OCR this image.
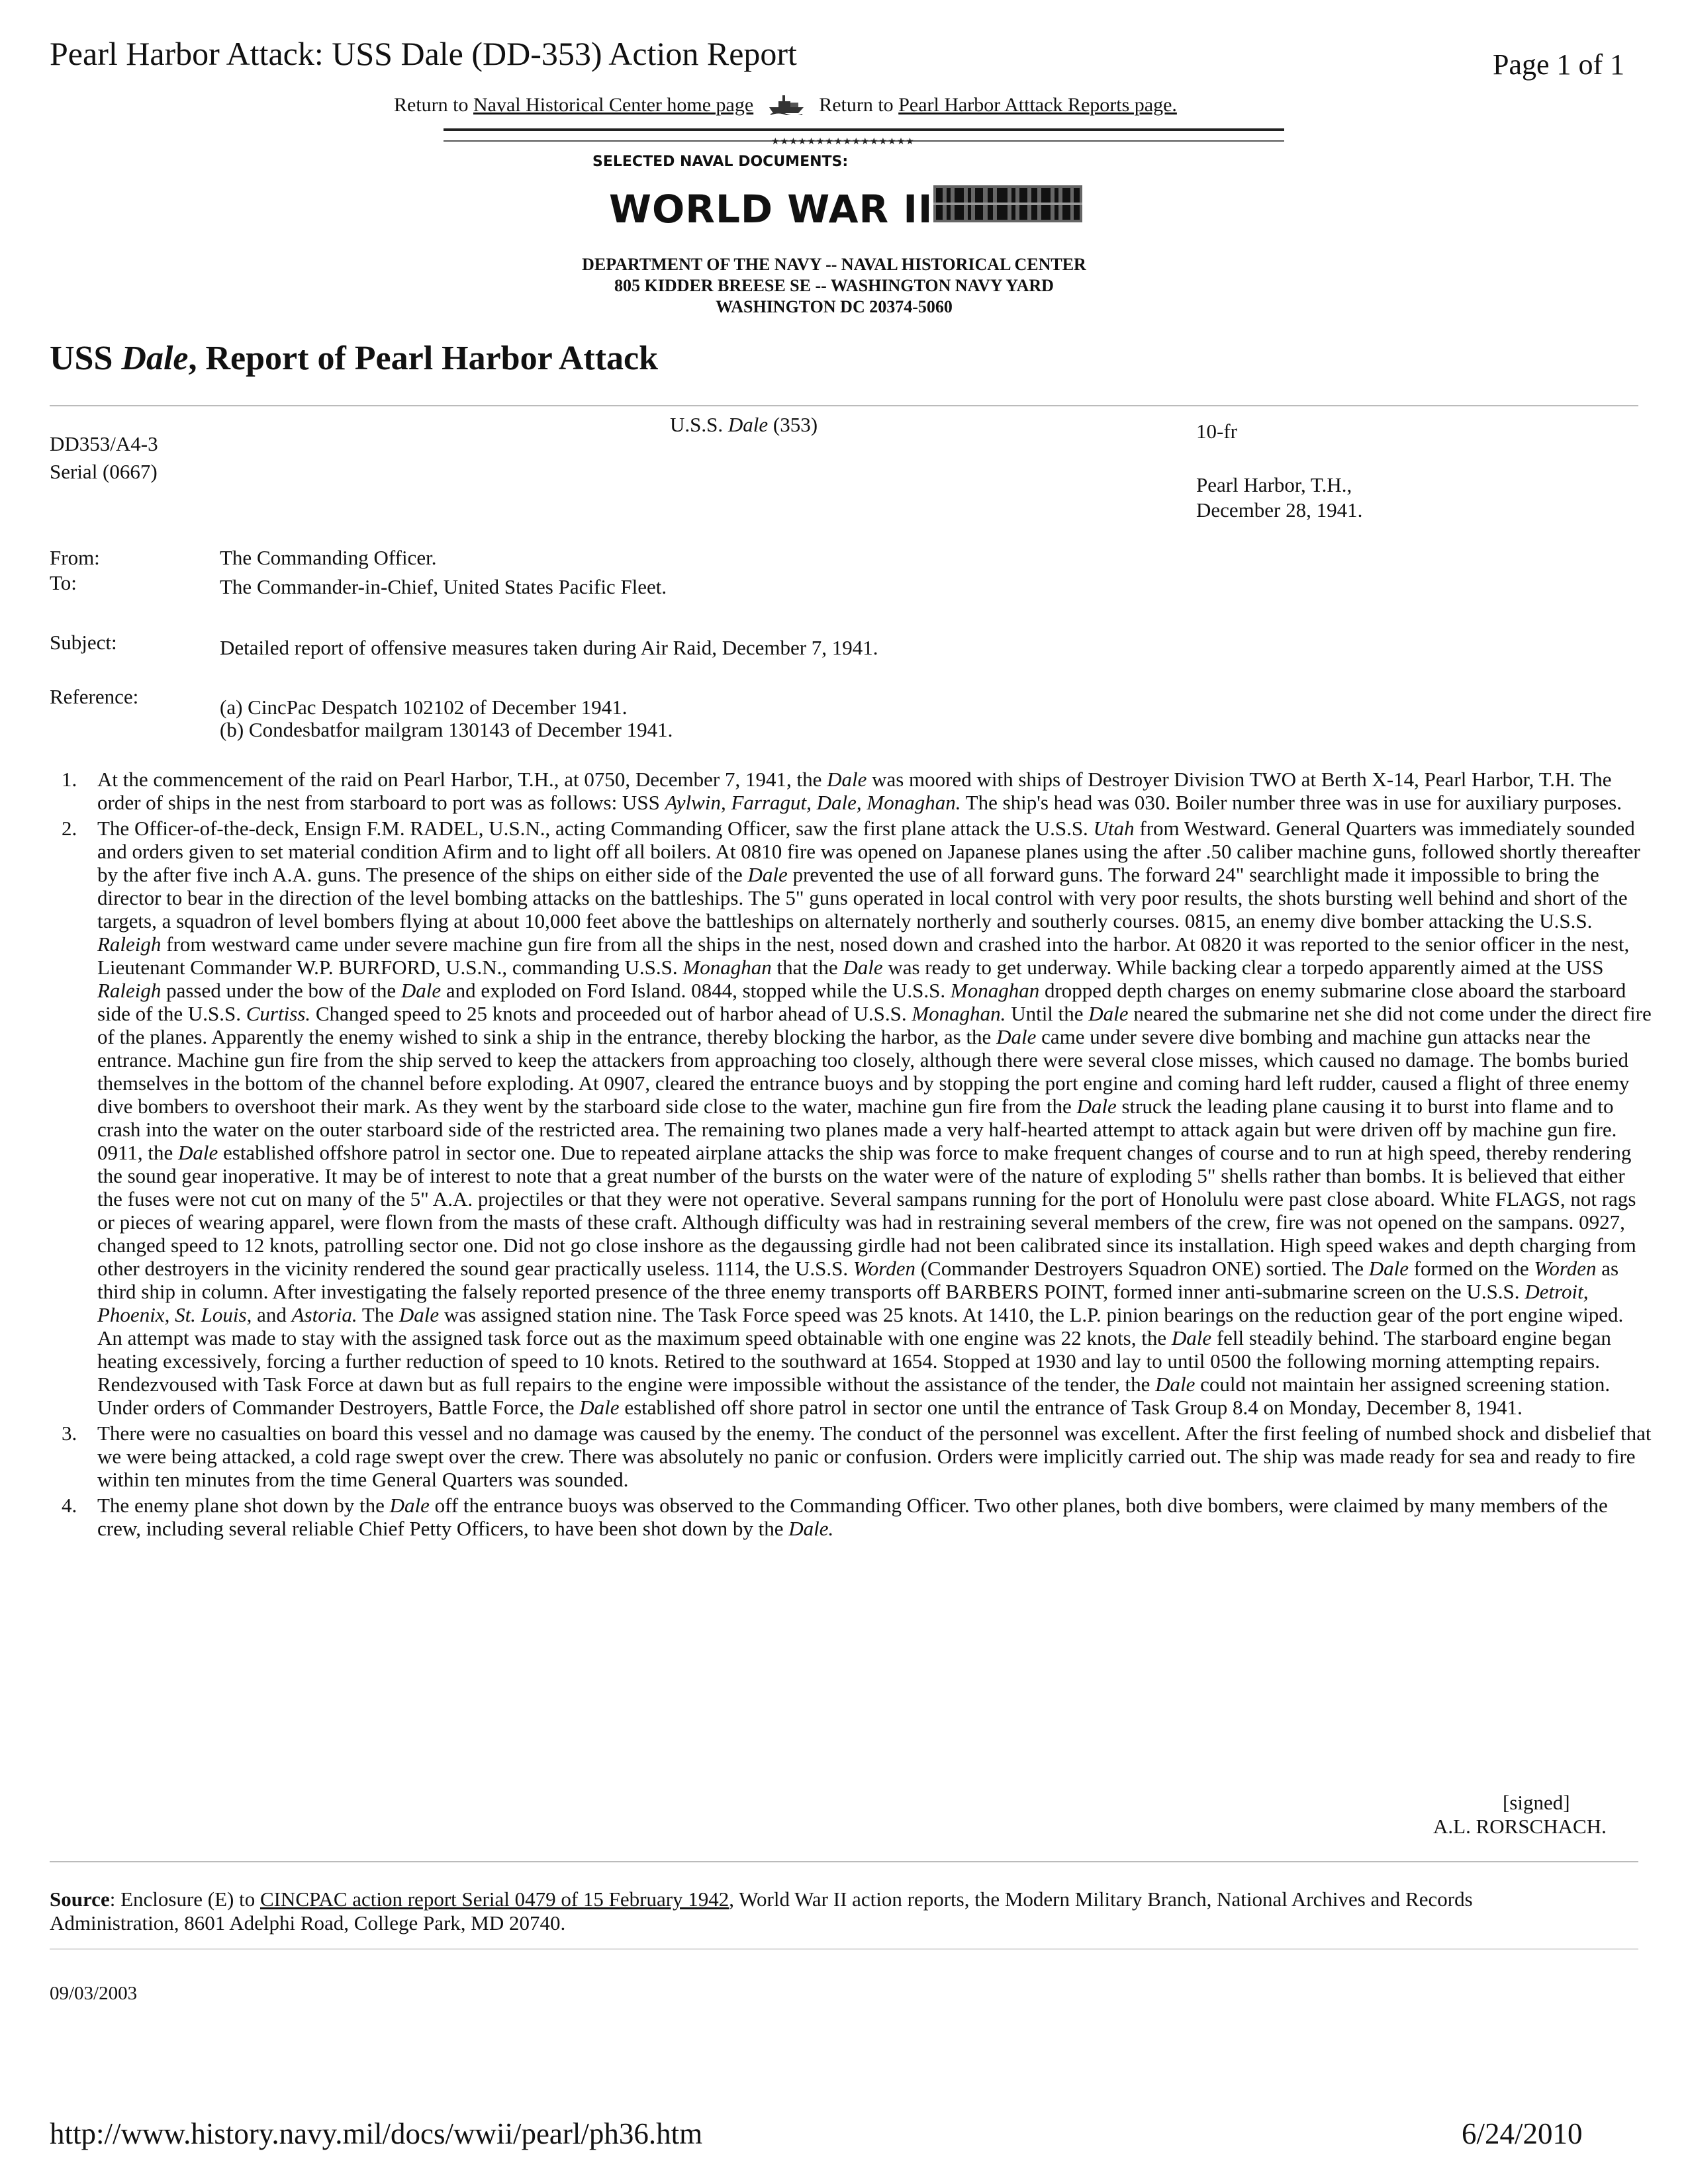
Pearl Harbor Attack: USS Dale (DD-353) Action Report	Page 1 of 1
Return to Naval Historical Center home page	Return to Pearl Harbor Atttack Reports page.
★★★★★★★★★★★★★★★★
SELECTED NAVAL DOCUMENTS:
WORLD WAR II
DEPARTMENT OF THE NAVY -- NAVAL HISTORICAL CENTER
805 KIDDER BREESE SE -- WASHINGTON NAVY YARD
WASHINGTON DC 20374-5060
USS Dale, Report of Pearl Harbor Attack
U.S.S. Dale (353)	10-fr
DD353/A4-3
Serial (0667)
Pearl Harbor, T.H.,
December 28, 1941.
From:	The Commanding Officer.
To:	The Commander-in-Chief, United States Pacific Fleet.
Subject:	Detailed report of offensive measures taken during Air Raid, December 7, 1941.
Reference:	(a) CincPac Despatch 102102 of December 1941.
(b) Condesbatfor mailgram 130143 of December 1941.
1. At the commencement of the raid on Pearl Harbor, T.H., at 0750, December 7, 1941, the Dale was moored with ships of Destroyer Division TWO at Berth X-14, Pearl Harbor, T.H. The order of ships in the nest from starboard to port was as follows: USS Aylwin, Farragut, Dale, Monaghan. The ship's head was 030. Boiler number three was in use for auxiliary purposes.
2. The Officer-of-the-deck, Ensign F.M. RADEL, U.S.N., acting Commanding Officer, saw the first plane attack the U.S.S. Utah from Westward. General Quarters was immediately sounded and orders given to set material condition Afirm and to light off all boilers. At 0810 fire was opened on Japanese planes using the after .50 caliber machine guns, followed shortly thereafter by the after five inch A.A. guns. The presence of the ships on either side of the Dale prevented the use of all forward guns. The forward 24" searchlight made it impossible to bring the director to bear in the direction of the level bombing attacks on the battleships. The 5" guns operated in local control with very poor results, the shots bursting well behind and short of the targets, a squadron of level bombers flying at about 10,000 feet above the battleships on alternately northerly and southerly courses. 0815, an enemy dive bomber attacking the U.S.S. Raleigh from westward came under severe machine gun fire from all the ships in the nest, nosed down and crashed into the harbor. At 0820 it was reported to the senior officer in the nest, Lieutenant Commander W.P. BURFORD, U.S.N., commanding U.S.S. Monaghan that the Dale was ready to get underway. While backing clear a torpedo apparently aimed at the USS Raleigh passed under the bow of the Dale and exploded on Ford Island. 0844, stopped while the U.S.S. Monaghan dropped depth charges on enemy submarine close aboard the starboard side of the U.S.S. Curtiss. Changed speed to 25 knots and proceeded out of harbor ahead of U.S.S. Monaghan. Until the Dale neared the submarine net she did not come under the direct fire of the planes. Apparently the enemy wished to sink a ship in the entrance, thereby blocking the harbor, as the Dale came under severe dive bombing and machine gun attacks near the entrance. Machine gun fire from the ship served to keep the attackers from approaching too closely, although there were several close misses, which caused no damage. The bombs buried themselves in the bottom of the channel before exploding. At 0907, cleared the entrance buoys and by stopping the port engine and coming hard left rudder, caused a flight of three enemy dive bombers to overshoot their mark. As they went by the starboard side close to the water, machine gun fire from the Dale struck the leading plane causing it to burst into flame and to crash into the water on the outer starboard side of the restricted area. The remaining two planes made a very half-hearted attempt to attack again but were driven off by machine gun fire. 0911, the Dale established offshore patrol in sector one. Due to repeated airplane attacks the ship was force to make frequent changes of course and to run at high speed, thereby rendering the sound gear inoperative. It may be of interest to note that a great number of the bursts on the water were of the nature of exploding 5" shells rather than bombs. It is believed that either the fuses were not cut on many of the 5" A.A. projectiles or that they were not operative. Several sampans running for the port of Honolulu were past close aboard. White FLAGS, not rags or pieces of wearing apparel, were flown from the masts of these craft. Although difficulty was had in restraining several members of the crew, fire was not opened on the sampans. 0927, changed speed to 12 knots, patrolling sector one. Did not go close inshore as the degaussing girdle had not been calibrated since its installation. High speed wakes and depth charging from other destroyers in the vicinity rendered the sound gear practically useless. 1114, the U.S.S. Worden (Commander Destroyers Squadron ONE) sortied. The Dale formed on the Worden as third ship in column. After investigating the falsely reported presence of the three enemy transports off BARBERS POINT, formed inner anti-submarine screen on the U.S.S. Detroit, Phoenix, St. Louis, and Astoria. The Dale was assigned station nine. The Task Force speed was 25 knots. At 1410, the L.P. pinion bearings on the reduction gear of the port engine wiped. An attempt was made to stay with the assigned task force out as the maximum speed obtainable with one engine was 22 knots, the Dale fell steadily behind. The starboard engine began heating excessively, forcing a further reduction of speed to 10 knots. Retired to the southward at 1654. Stopped at 1930 and lay to until 0500 the following morning attempting repairs. Rendezvoused with Task Force at dawn but as full repairs to the engine were impossible without the assistance of the tender, the Dale could not maintain her assigned screening station. Under orders of Commander Destroyers, Battle Force, the Dale established off shore patrol in sector one until the entrance of Task Group 8.4 on Monday, December 8, 1941.
3. There were no casualties on board this vessel and no damage was caused by the enemy. The conduct of the personnel was excellent. After the first feeling of numbed shock and disbelief that we were being attacked, a cold rage swept over the crew. There was absolutely no panic or confusion. Orders were implicitly carried out. The ship was made ready for sea and ready to fire within ten minutes from the time General Quarters was sounded.
4. The enemy plane shot down by the Dale off the entrance buoys was observed to the Commanding Officer. Two other planes, both dive bombers, were claimed by many members of the crew, including several reliable Chief Petty Officers, to have been shot down by the Dale.
[signed]
A.L. RORSCHACH.
Source: Enclosure (E) to CINCPAC action report Serial 0479 of 15 February 1942, World War II action reports, the Modern Military Branch, National Archives and Records Administration, 8601 Adelphi Road, College Park, MD 20740.
09/03/2003
http://www.history.navy.mil/docs/wwii/pearl/ph36.htm	6/24/2010
